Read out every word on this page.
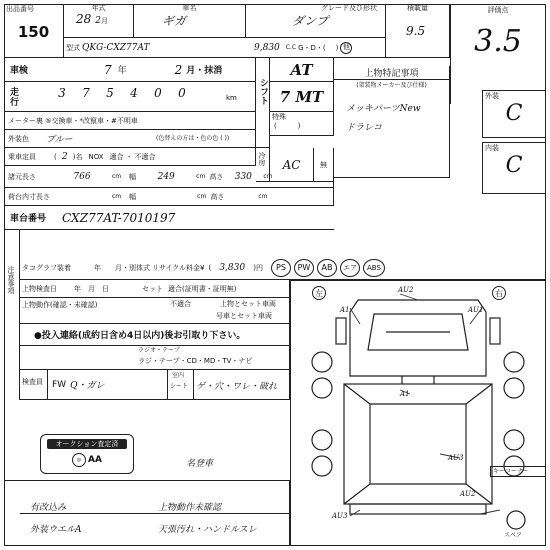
出品番号
150
年式
28 2 月
車名
ギガ
グレード及び形状
ダンプ
積載量
9.5
評価点
3.5
型式 QKG-CXZ77AT	9,830 C.C G・D・( ) 他
車検	7 年	2 月・抹消
シフト
AT
7 MT
特殊
(　　　)
上物特記事項
(架装物メーカー及び仕様)
メッキパーツNew
ドラレコ
外装
C
内装
C
走行
3	7	5	4	0	0	km
メーター裏 ⑤交換車・*改竄車・#不明車
外装色	ブルー	(色替えの方は・色の色 ( ))
冷房	AC	無
乗車定員	( 2 ) 名 NOX 適合 ・ 不適合
諸元長さ	766	cm 幅	249	cm 高さ	330	cm
荷台内寸長さ	cm 幅	cm 高さ	cm
車台番号	CXZ77AT-7010197
タコグラフ装着	年 月・別体式 リサイクル料金¥ ( 3,830	)円	PS	PW	AB	エア	ABS
注意事項 上物検査日	年　月　日	セット 適合(証明書・証明無)
上物動作(確認・未確認)	不適合	上物とセット車両
号車とセット車両
●投入連絡(成約日含め4日以内)後お引取り下さい。
ラジオ・テープ
ラジ・テープ・CD・MD・TV・ナビ
検査員	FW Q・ガレ
室内
シート ゲ・穴・ワレ・破れ
オークション査定済
◎ AA	名登車
有改込み	上物動作未確認
外装ウエルA	天張汚れ・ハンドルスレ
左	右
AU2
A1	AU1
A1
AU3
AU3
AU2
スペア
キーコーナー
